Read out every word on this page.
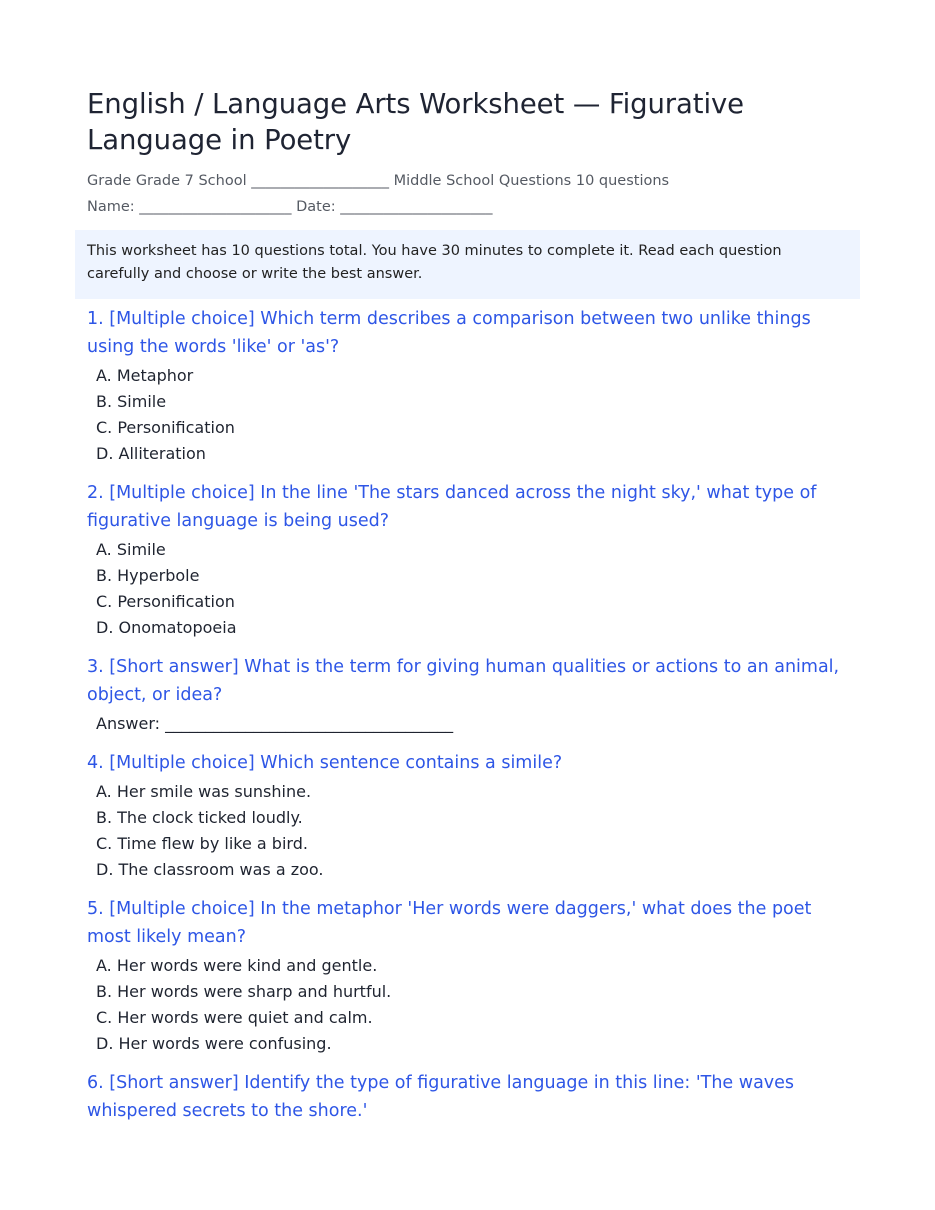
English / Language Arts Worksheet — Figurative Language in Poetry
Grade Grade 7 School ___________________ Middle School Questions 10 questions
Name: _____________________ Date: _____________________
This worksheet has 10 questions total. You have 30 minutes to complete it. Read each question carefully and choose or write the best answer.

1. [Multiple choice] Which term describes a comparison between two unlike things using the words 'like' or 'as'?

A. Metaphor
B. Simile
C. Personification
D. Alliteration

2. [Multiple choice] In the line 'The stars danced across the night sky,' what type of figurative language is being used?

A. Simile
B. Hyperbole
C. Personification
D. Onomatopoeia

3. [Short answer] What is the term for giving human qualities or actions to an animal, object, or idea?

Answer: ____________________________________

4. [Multiple choice] Which sentence contains a simile?

A. Her smile was sunshine.
B. The clock ticked loudly.
C. Time flew by like a bird.
D. The classroom was a zoo.

5. [Multiple choice] In the metaphor 'Her words were daggers,' what does the poet most likely mean?

A. Her words were kind and gentle.
B. Her words were sharp and hurtful.
C. Her words were quiet and calm.
D. Her words were confusing.

6. [Short answer] Identify the type of figurative language in this line: 'The waves whispered secrets to the shore.'
